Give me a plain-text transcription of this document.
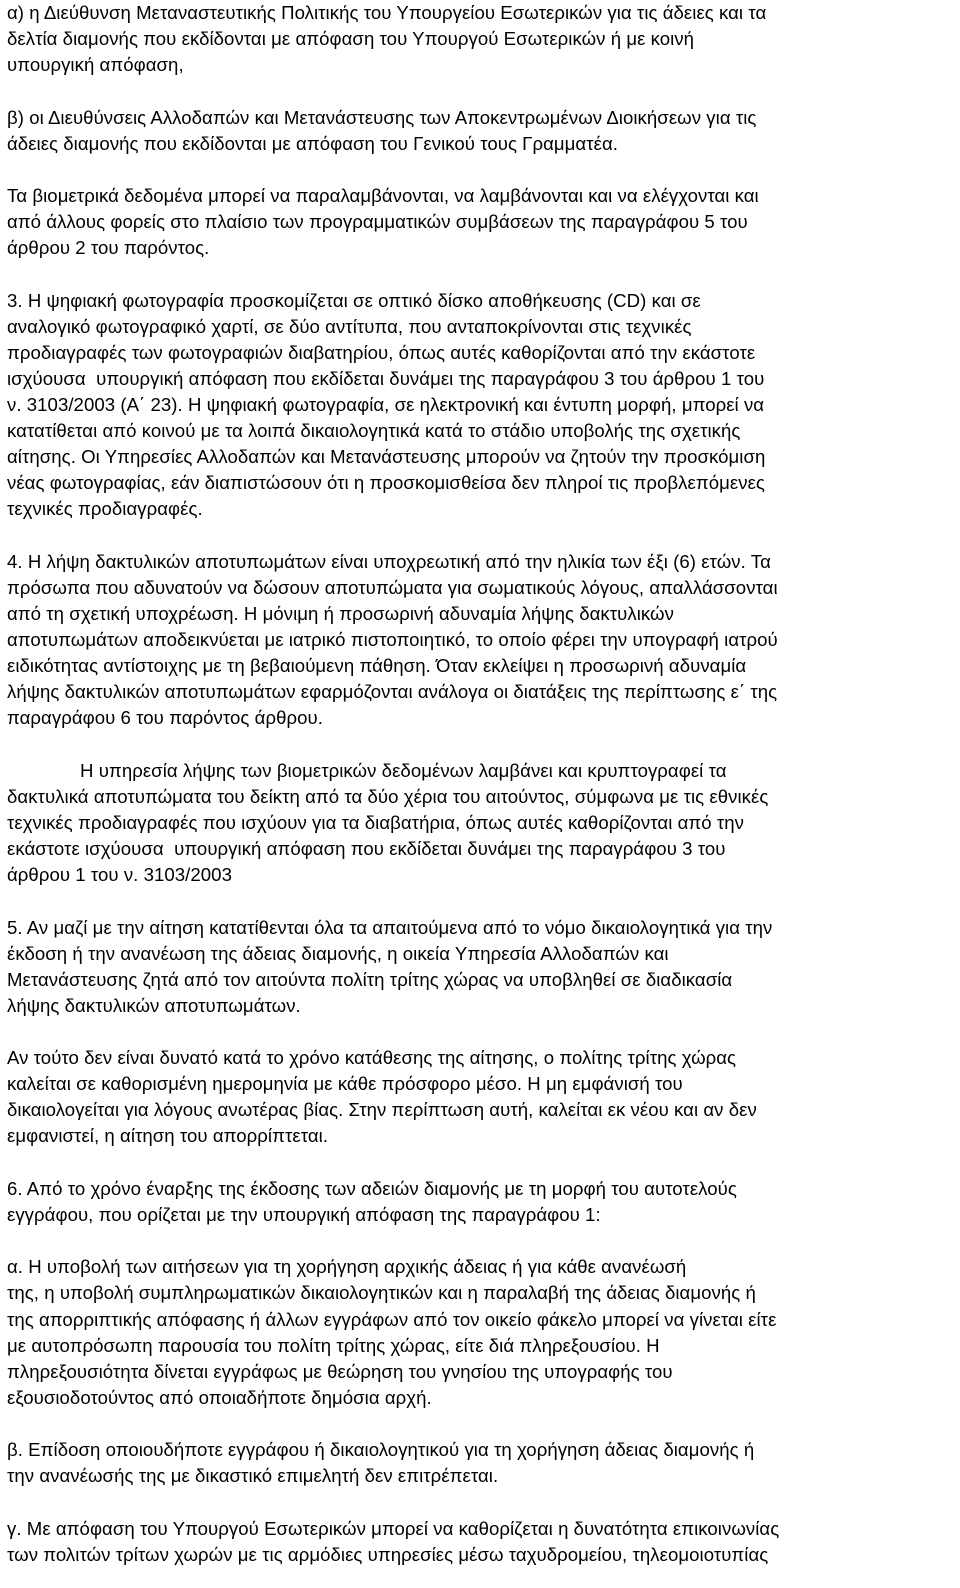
α) η Διεύθυνση Μεταναστευτικής Πολιτικής του Υπουργείου Εσωτερικών για τις άδειες και τα
δελτία διαμονής που εκδίδονται με απόφαση του Υπουργού Εσωτερικών ή με κοινή
υπουργική απόφαση,
β) οι Διευθύνσεις Αλλοδαπών και Μετανάστευσης των Αποκεντρωμένων Διοικήσεων για τις
άδειες διαμονής που εκδίδονται με απόφαση του Γενικού τους Γραμματέα.
Τα βιομετρικά δεδομένα μπορεί να παραλαμβάνονται, να λαμβάνονται και να ελέγχονται και
από άλλους φορείς στο πλαίσιο των προγραμματικών συμβάσεων της παραγράφου 5 του
άρθρου 2 του παρόντος.
3. Η ψηφιακή φωτογραφία προσκομίζεται σε οπτικό δίσκο αποθήκευσης (CD) και σε
αναλογικό φωτογραφικό χαρτί, σε δύο αντίτυπα, που ανταποκρίνονται στις τεχνικές
προδιαγραφές των φωτογραφιών διαβατηρίου, όπως αυτές καθορίζονται από την εκάστοτε
ισχύουσα  υπουργική απόφαση που εκδίδεται δυνάμει της παραγράφου 3 του άρθρου 1 του
ν. 3103/2003 (Α΄ 23). Η ψηφιακή φωτογραφία, σε ηλεκτρονική και έντυπη μορφή, μπορεί να
κατατίθεται από κοινού με τα λοιπά δικαιολογητικά κατά το στάδιο υποβολής της σχετικής
αίτησης. Οι Υπηρεσίες Αλλοδαπών και Μετανάστευσης μπορούν να ζητούν την προσκόμιση
νέας φωτογραφίας, εάν διαπιστώσουν ότι η προσκομισθείσα δεν πληροί τις προβλεπόμενες
τεχνικές προδιαγραφές.
4. Η λήψη δακτυλικών αποτυπωμάτων είναι υποχρεωτική από την ηλικία των έξι (6) ετών. Τα
πρόσωπα που αδυνατούν να δώσουν αποτυπώματα για σωματικούς λόγους, απαλλάσσονται
από τη σχετική υποχρέωση. Η μόνιμη ή προσωρινή αδυναμία λήψης δακτυλικών
αποτυπωμάτων αποδεικνύεται με ιατρικό πιστοποιητικό, το οποίο φέρει την υπογραφή ιατρού
ειδικότητας αντίστοιχης με τη βεβαιούμενη πάθηση. Όταν εκλείψει η προσωρινή αδυναμία
λήψης δακτυλικών αποτυπωμάτων εφαρμόζονται ανάλογα οι διατάξεις της περίπτωσης ε΄ της
παραγράφου 6 του παρόντος άρθρου.
Η υπηρεσία λήψης των βιομετρικών δεδομένων λαμβάνει και κρυπτογραφεί τα
δακτυλικά αποτυπώματα του δείκτη από τα δύο χέρια του αιτούντος, σύμφωνα με τις εθνικές
τεχνικές προδιαγραφές που ισχύουν για τα διαβατήρια, όπως αυτές καθορίζονται από την
εκάστοτε ισχύουσα  υπουργική απόφαση που εκδίδεται δυνάμει της παραγράφου 3 του
άρθρου 1 του ν. 3103/2003
5. Αν μαζί με την αίτηση κατατίθενται όλα τα απαιτούμενα από το νόμο δικαιολογητικά για την
έκδοση ή την ανανέωση της άδειας διαμονής, η οικεία Υπηρεσία Αλλοδαπών και
Μετανάστευσης ζητά από τον αιτούντα πολίτη τρίτης χώρας να υποβληθεί σε διαδικασία
λήψης δακτυλικών αποτυπωμάτων.
Αν τούτο δεν είναι δυνατό κατά το χρόνο κατάθεσης της αίτησης, ο πολίτης τρίτης χώρας
καλείται σε καθορισμένη ημερομηνία με κάθε πρόσφορο μέσο. Η μη εμφάνισή του
δικαιολογείται για λόγους ανωτέρας βίας. Στην περίπτωση αυτή, καλείται εκ νέου και αν δεν
εμφανιστεί, η αίτηση του απορρίπτεται.
6. Από το χρόνο έναρξης της έκδοσης των αδειών διαμονής με τη μορφή του αυτοτελούς
εγγράφου, που ορίζεται με την υπουργική απόφαση της παραγράφου 1:
α. Η υποβολή των αιτήσεων για τη χορήγηση αρχικής άδειας ή για κάθε ανανέωσή
της, η υποβολή συμπληρωματικών δικαιολογητικών και η παραλαβή της άδειας διαμονής ή
της απορριπτικής απόφασης ή άλλων εγγράφων από τον οικείο φάκελο μπορεί να γίνεται είτε
με αυτοπρόσωπη παρουσία του πολίτη τρίτης χώρας, είτε διά πληρεξουσίου. Η
πληρεξουσιότητα δίνεται εγγράφως με θεώρηση του γνησίου της υπογραφής του
εξουσιοδοτούντος από οποιαδήποτε δημόσια αρχή.
β. Επίδοση οποιουδήποτε εγγράφου ή δικαιολογητικού για τη χορήγηση άδειας διαμονής ή
την ανανέωσής της με δικαστικό επιμελητή δεν επιτρέπεται.
γ. Με απόφαση του Υπουργού Εσωτερικών μπορεί να καθορίζεται η δυνατότητα επικοινωνίας
των πολιτών τρίτων χωρών με τις αρμόδιες υπηρεσίες μέσω ταχυδρομείου, τηλεομοιοτυπίας
